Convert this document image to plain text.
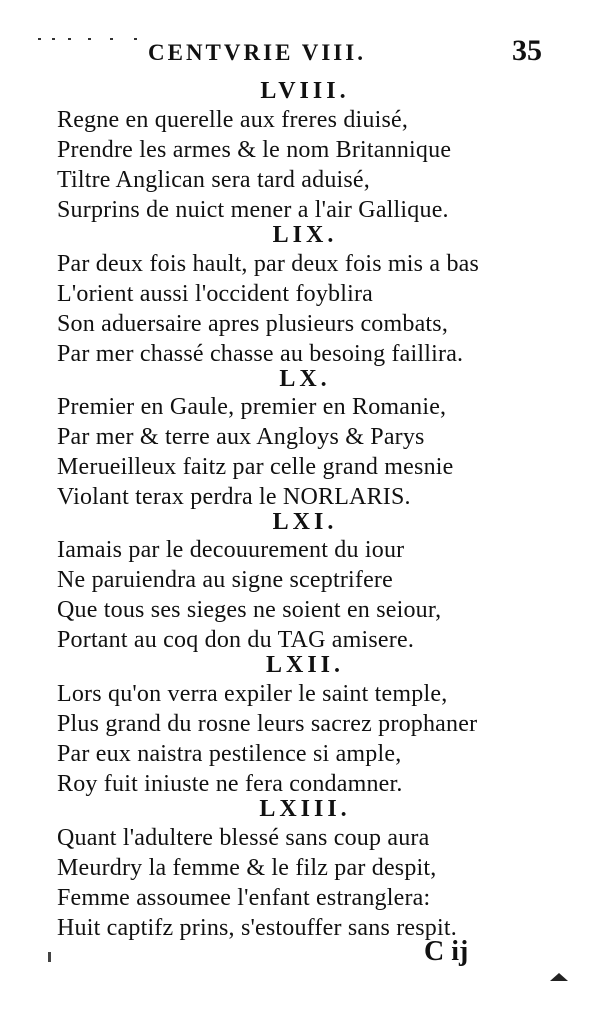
CENTVRIE VIII.	35
LVIII.
Regne en querelle aux freres diuisé,
Prendre les armes & le nom Britannique
Tiltre Anglican sera tard aduisé,
Surprins de nuict mener a l'air Gallique.
LIX.
Par deux fois hault, par deux fois mis a bas
L'orient aussi l'occident foyblira
Son aduersaire apres plusieurs combats,
Par mer chassé chasse au besoing faillira.
LX.
Premier en Gaule, premier en Romanie,
Par mer & terre aux Angloys & Parys
Merueilleux faitz par celle grand mesnie
Violant terax perdra le NORLARIS.
LXI.
Iamais par le decouurement du iour
Ne paruiendra au signe sceptrifere
Que tous ses sieges ne soient en seiour,
Portant au coq don du TAG amisere.
LXII.
Lors qu'on verra expiler le saint temple,
Plus grand du rosne leurs sacrez prophaner
Par eux naistra pestilence si ample,
Roy fuit iniuste ne fera condamner.
LXIII.
Quant l'adultere blessé sans coup aura
Meurdry la femme & le filz par despit,
Femme assoumee l'enfant estranglera:
Huit captifz prins, s'estouffer sans respit.
C ij
